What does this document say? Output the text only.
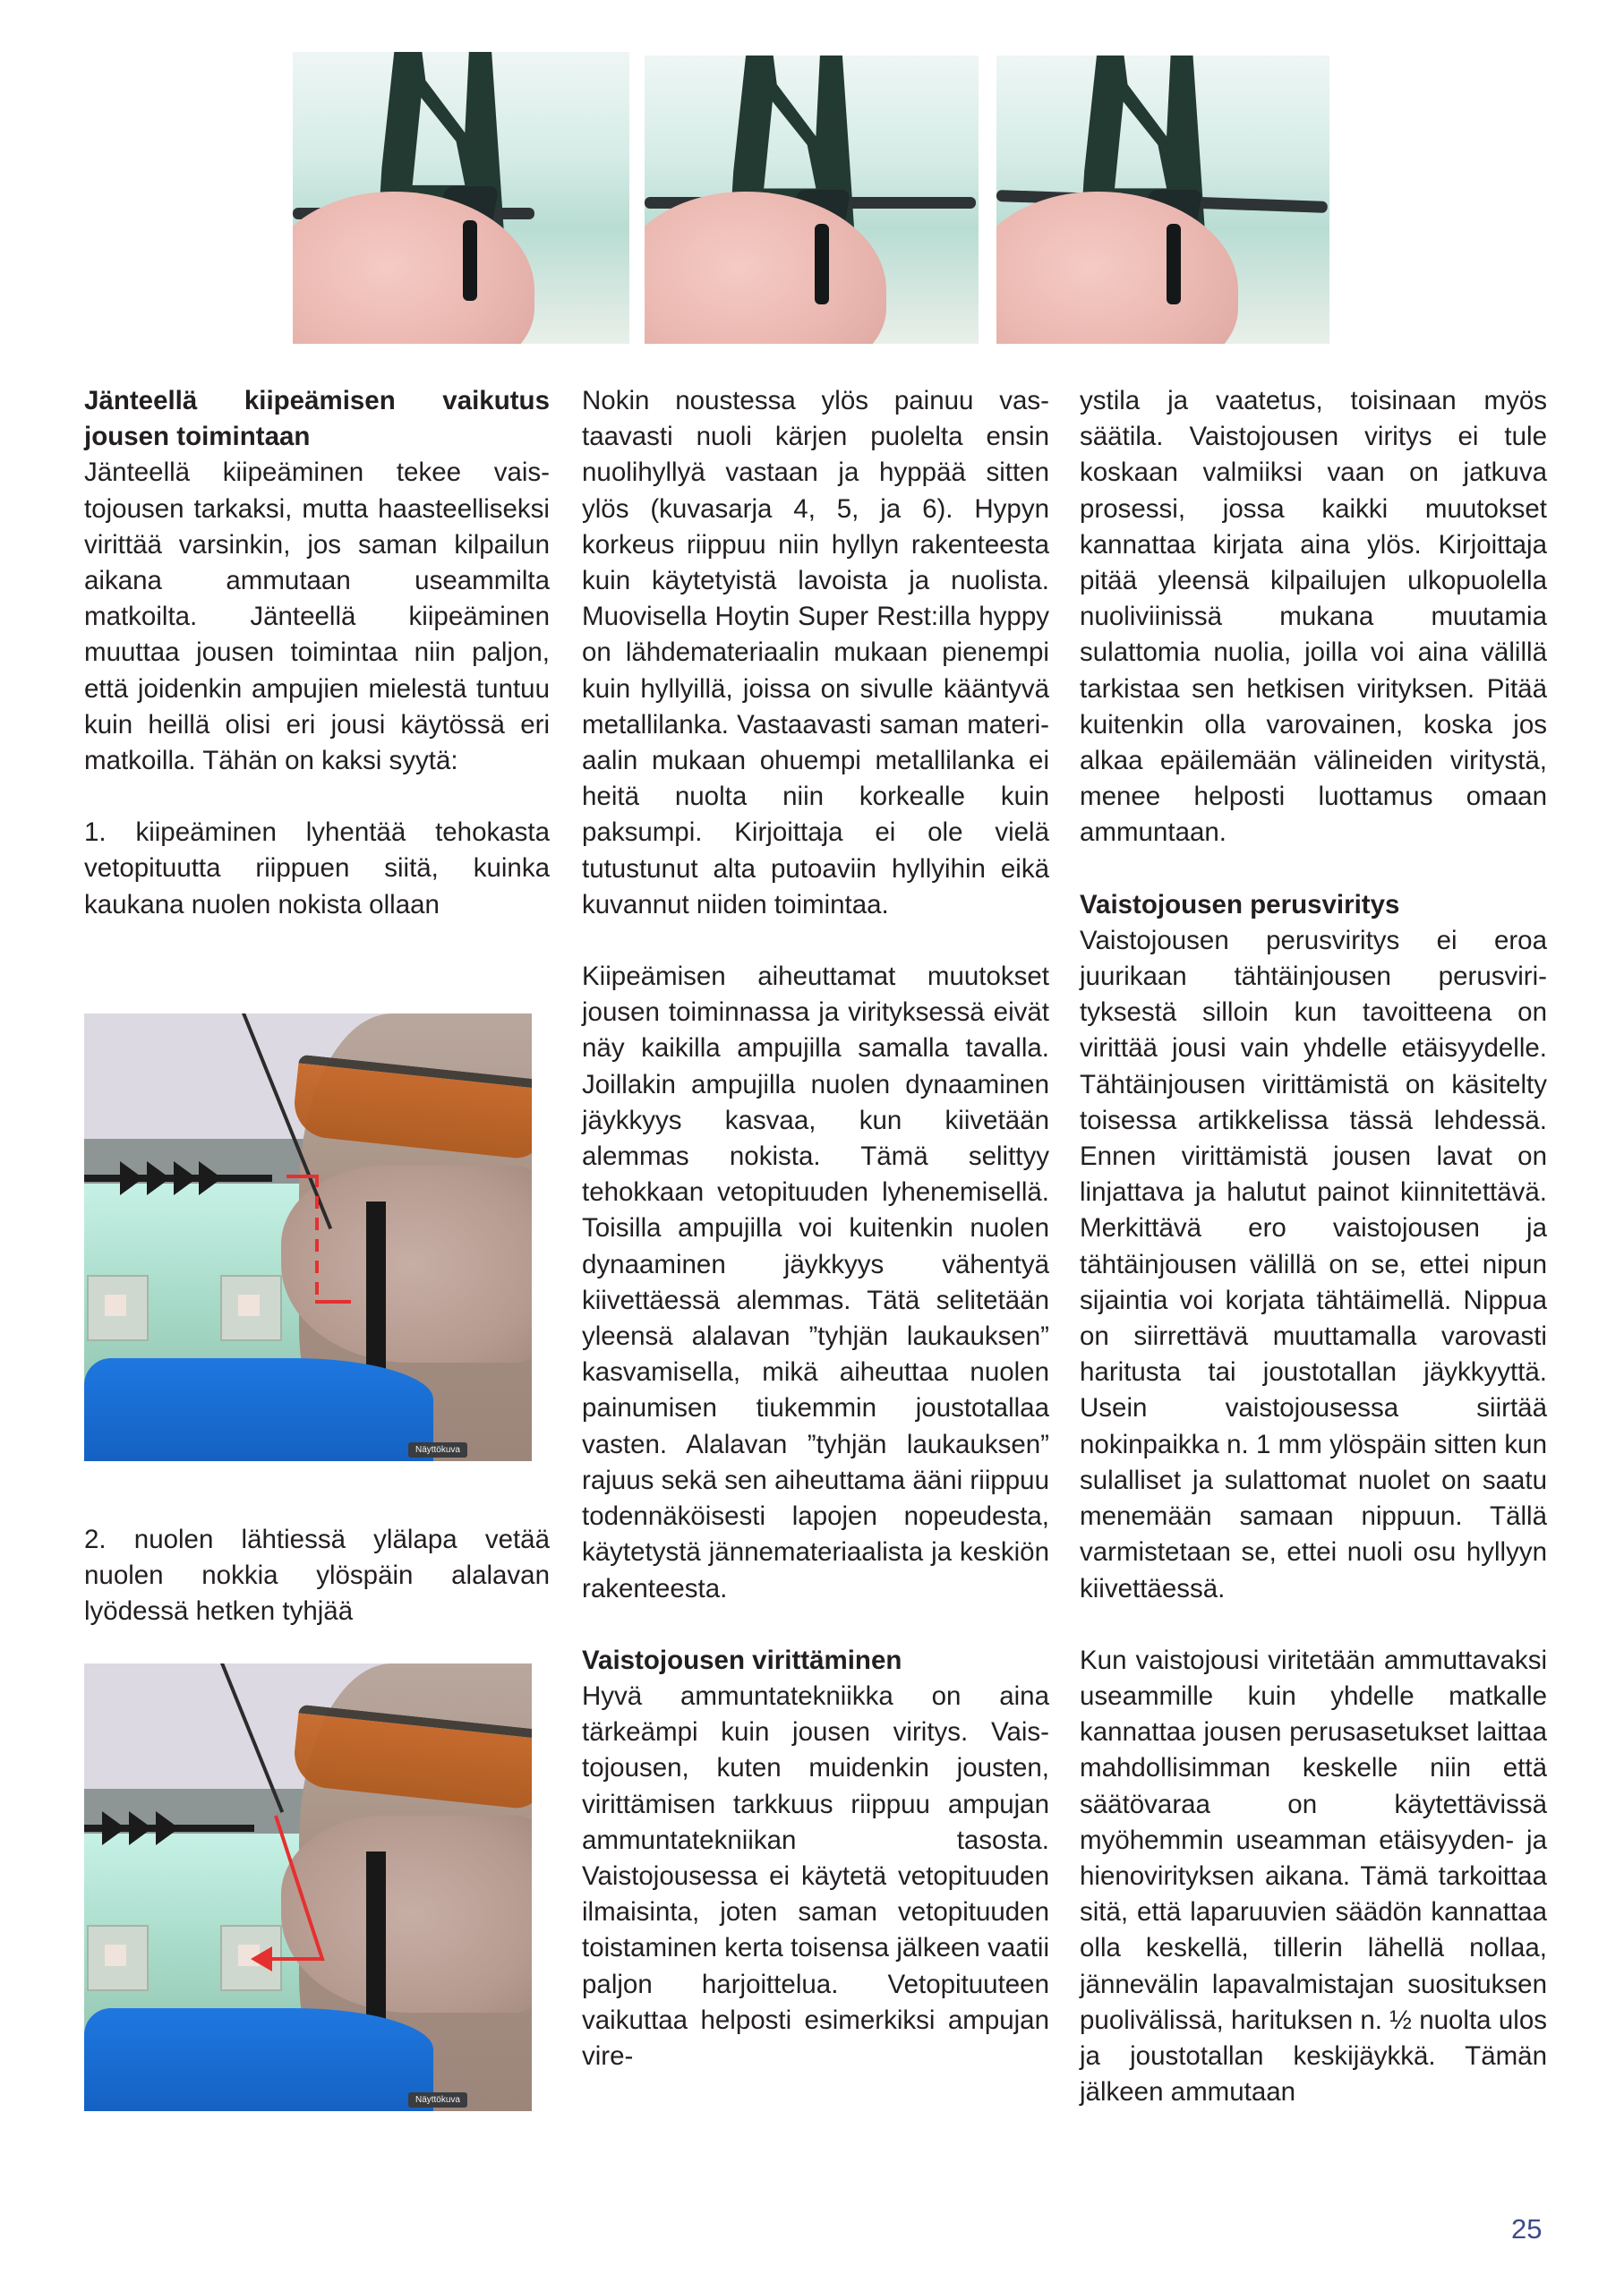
Jänteellä kiipeämisen vaikutus jousen toimintaan

Jänteellä kiipeäminen tekee vaistojousen tarkaksi, mutta haasteelliseksi virittää varsinkin, jos saman kilpailun aikana ammutaan useammilta matkoilta. Jänteellä kiipeäminen muuttaa jousen toimintaa niin paljon, että joidenkin ampujien mielestä tuntuu kuin heillä olisi eri jousi käytössä eri matkoilla. Tähän on kaksi syytä:

1. kiipeäminen lyhentää tehokasta vetopituutta riippuen siitä, kuinka kaukana nuolen nokista ollaan

Näyttökuva

2. nuolen lähtiessä ylälapa vetää nuolen nokkia ylöspäin alalavan lyödessä hetken tyhjää

Näyttökuva

Nokin noustessa ylös painuu vastaavasti nuoli kärjen puolelta ensin nuolihyllyä vastaan ja hyppää sitten ylös (kuvasarja 4, 5, ja 6). Hypyn korkeus riippuu niin hyllyn rakenteesta kuin käytetyistä lavoista ja nuolista. Muovisella Hoytin Super Rest:illa hyppy on lähdemateriaalin mukaan pienempi kuin hyllyillä, joissa on sivulle kääntyvä metallilanka. Vastaavasti saman materiaalin mukaan ohuempi metallilanka ei heitä nuolta niin korkealle kuin paksumpi. Kirjoittaja ei ole vielä tutustunut alta putoaviin hyllyihin eikä kuvannut niiden toimintaa.

Kiipeämisen aiheuttamat muutokset jousen toiminnassa ja virityksessä eivät näy kaikilla ampujilla samalla tavalla. Joillakin ampujilla nuolen dynaaminen jäykkyys kasvaa, kun kiivetään alemmas nokista. Tämä selittyy tehokkaan vetopituuden lyhenemisellä. Toisilla ampujilla voi kuitenkin nuolen dynaaminen jäykkyys vähentyä kiivettäessä alemmas. Tätä selitetään yleensä alalavan ”tyhjän laukauksen” kasvamisella, mikä aiheuttaa nuolen painumisen tiukemmin joustotallaa vasten. Alalavan ”tyhjän laukauksen” rajuus sekä sen aiheuttama ääni riippuu todennäköisesti lapojen nopeudesta, käytetystä jännemateriaalista ja keskiön rakenteesta.

Vaistojousen virittäminen

Hyvä ammuntatekniikka on aina tärkeämpi kuin jousen viritys. Vaistojousen, kuten muidenkin jousten, virittämisen tarkkuus riippuu ampujan ammuntatekniikan tasosta. Vaistojousessa ei käytetä vetopituuden ilmaisinta, joten saman vetopituuden toistaminen kerta toisensa jälkeen vaatii paljon harjoittelua. Vetopituuteen vaikuttaa helposti esimerkiksi ampujan vire-

ystila ja vaatetus, toisinaan myös säätila. Vaistojousen viritys ei tule koskaan valmiiksi vaan on jatkuva prosessi, jossa kaikki muutokset kannattaa kirjata aina ylös. Kirjoittaja pitää yleensä kilpailujen ulkopuolella nuoliviinissä mukana muutamia sulattomia nuolia, joilla voi aina välillä tarkistaa sen hetkisen virityksen. Pitää kuitenkin olla varovainen, koska jos alkaa epäilemään välineiden viritystä, menee helposti luottamus omaan ammuntaan.

Vaistojousen perusviritys

Vaistojousen perusviritys ei eroa juurikaan tähtäinjousen perusvirityksestä silloin kun tavoitteena on virittää jousi vain yhdelle etäisyydelle. Tähtäinjousen virittämistä on käsitelty toisessa artikkelissa tässä lehdessä. Ennen virittämistä jousen lavat on linjattava ja halutut painot kiinnitettävä. Merkittävä ero vaistojousen ja tähtäinjousen välillä on se, ettei nipun sijaintia voi korjata tähtäimellä. Nippua on siirrettävä muuttamalla varovasti haritusta tai joustotallan jäykkyyttä. Usein vaistojousessa siirtää nokinpaikka n. 1 mm ylöspäin sitten kun sulalliset ja sulattomat nuolet on saatu menemään samaan nippuun. Tällä varmistetaan se, ettei nuoli osu hyllyyn kiivettäessä.

Kun vaistojousi viritetään ammuttavaksi useammille kuin yhdelle matkalle kannattaa jousen perusasetukset laittaa mahdollisimman keskelle niin että säätövaraa on käytettävissä myöhemmin useamman etäisyyden- ja hienovirityksen aikana. Tämä tarkoittaa sitä, että laparuuvien säädön kannattaa olla keskellä, tillerin lähellä nollaa, jännevälin lapavalmistajan suosituksen puolivälissä, harituksen n. ½ nuolta ulos ja joustotallan keskijäykkä. Tämän jälkeen ammutaan

25
